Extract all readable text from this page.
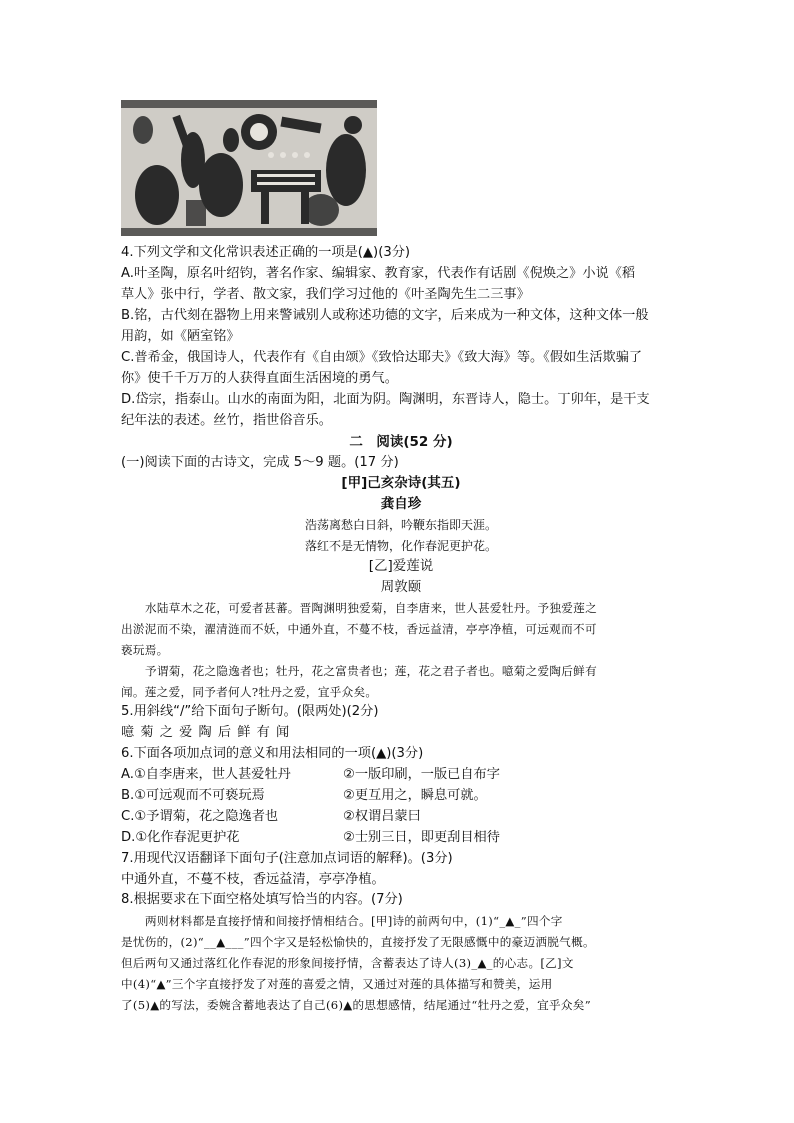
4.下列文学和文化常识表述正确的一项是(▲)(3分)
A.叶圣陶，原名叶绍钧，著名作家、编辑家、教育家，代表作有话剧《倪焕之》小说《稻
草人》张中行，学者、散文家，我们学习过他的《叶圣陶先生二三事》
B.铭，古代刻在器物上用来警诫别人或称述功德的文字，后来成为一种文体，这种文体一般
用韵，如《陋室铭》
C.普希金，俄国诗人，代表作有《自由颂》《致恰达耶夫》《致大海》等。《假如生活欺骗了
你》使千千万万的人获得直面生活困境的勇气。
D.岱宗，指泰山。山水的南面为阳，北面为阴。陶渊明，东晋诗人，隐士。丁卯年，是干支
纪年法的表述。丝竹，指世俗音乐。
二　阅读(52 分)
(一)阅读下面的古诗文，完成 5～9 题。(17 分)
[甲]己亥杂诗(其五)
龚自珍
浩荡离愁白日斜，吟鞭东指即天涯。
落红不是无情物，化作春泥更护花。
[乙]爱莲说
周敦颐
水陆草木之花，可爱者甚蕃。晋陶渊明独爱菊，自李唐来，世人甚爱牡丹。予独爱莲之
出淤泥而不染，濯清涟而不妖，中通外直，不蔓不枝，香远益清，亭亭净植，可远观而不可
亵玩焉。
予谓菊，花之隐逸者也；牡丹，花之富贵者也；莲，花之君子者也。噫菊之爱陶后鲜有
闻。莲之爱，同予者何人?牡丹之爱，宜乎众矣。
5.用斜线“/”给下面句子断句。(限两处)(2分)
噫 菊 之 爱 陶 后 鲜 有 闻
6.下面各项加点词的意义和用法相同的一项(▲)(3分)
A.①自李唐来，世人甚爱牡丹	②一版印刷，一版已自布字
B.①可远观而不可亵玩焉	②更互用之，瞬息可就。
C.①予谓菊，花之隐逸者也	②权谓吕蒙曰
D.①化作春泥更护花	②士别三日，即更刮目相待
7.用现代汉语翻译下面句子(注意加点词语的解释)。(3分)
中通外直，不蔓不枝，香远益清，亭亭净植。
8.根据要求在下面空格处填写恰当的内容。(7分)
两则材料都是直接抒情和间接抒情相结合。[甲]诗的前两句中，(1)“_▲_”四个字
是忧伤的，(2)“__▲___”四个字又是轻松愉快的，直接抒发了无限感慨中的豪迈洒脱气概。
但后两句又通过落红化作春泥的形象间接抒情，含蓄表达了诗人(3)_▲_的心志。[乙]文
中(4)“▲”三个字直接抒发了对莲的喜爱之情，又通过对莲的具体描写和赞美，运用
了(5)▲的写法，委婉含蓄地表达了自己(6)▲的思想感情，结尾通过“牡丹之爱，宜乎众矣”
